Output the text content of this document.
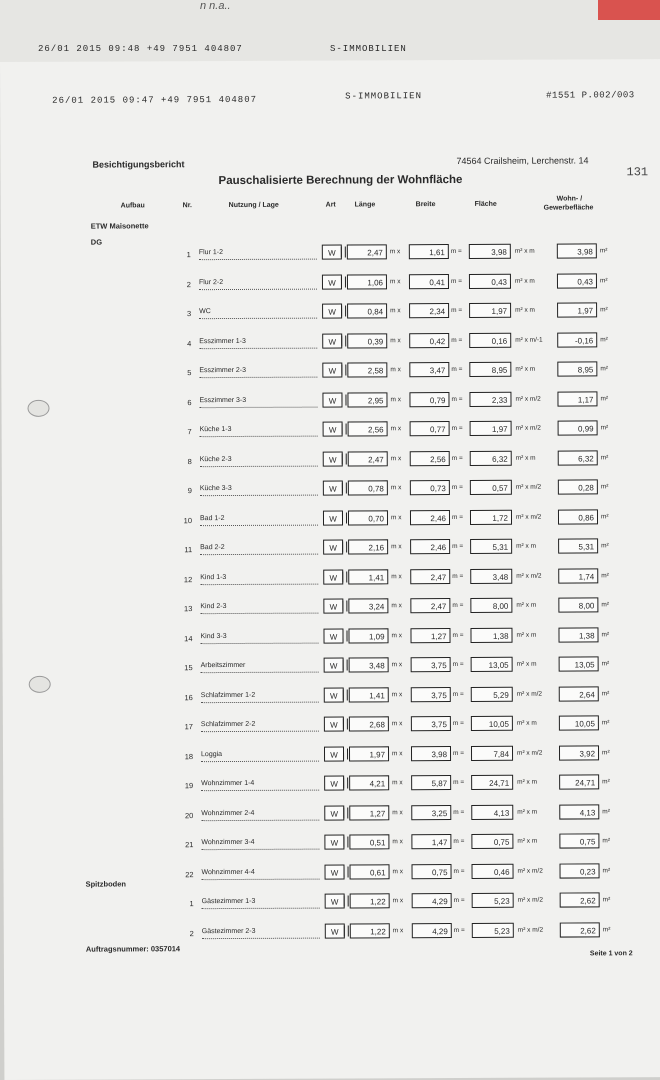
n n.a..
26/01 2015 09:48 +49 7951 404807	S-IMMOBILIEN
26/01 2015 09:47 +49 7951 404807	S-IMMOBILIEN	#1551 P.002/003
Besichtigungsbericht	74564 Crailsheim, Lerchenstr. 14
131
Pauschalisierte Berechnung der Wohnfläche
Aufbau	Nr.	Nutzung / Lage	Art	Länge	Breite	Fläche
Wohn- /
Gewerbefläche
ETW Maisonette
DG
Spitzboden
1 Flur 1-2	W	2,47	m x	1,61 m =	3,98	m² x m	3,98	m²
2 Flur 2-2	W	1,06	m x	0,41 m =	0,43	m² x m	0,43	m²
3 WC	W	0,84	m x	2,34 m =	1,97	m² x m	1,97	m²
4 Esszimmer 1-3	W	0,39	m x	0,42 m =	0,16	m² x m/-1	-0,16	m²
5 Esszimmer 2-3	W	2,58	m x	3,47 m =	8,95	m² x m	8,95	m²
6 Esszimmer 3-3	W	2,95	m x	0,79 m =	2,33	m² x m/2	1,17	m²
7 Küche 1-3	W	2,56	m x	0,77 m =	1,97	m² x m/2	0,99	m²
8 Küche 2-3	W	2,47	m x	2,56 m =	6,32	m² x m	6,32	m²
9 Küche 3-3	W	0,78	m x	0,73 m =	0,57	m² x m/2	0,28	m²
10 Bad 1-2	W	0,70	m x	2,46 m =	1,72	m² x m/2	0,86	m²
11 Bad 2-2	W	2,16	m x	2,46 m =	5,31	m² x m	5,31	m²
12 Kind 1-3	W	1,41	m x	2,47 m =	3,48	m² x m/2	1,74	m²
13 Kind 2-3	W	3,24	m x	2,47 m =	8,00	m² x m	8,00	m²
14 Kind 3-3	W	1,09	m x	1,27 m =	1,38	m² x m	1,38	m²
15 Arbeitszimmer	W	3,48	m x	3,75 m =	13,05	m² x m	13,05	m²
16 Schlafzimmer 1-2	W	1,41	m x	3,75 m =	5,29	m² x m/2	2,64	m²
17 Schlafzimmer 2-2	W	2,68	m x	3,75 m =	10,05	m² x m	10,05	m²
18 Loggia	W	1,97	m x	3,98 m =	7,84	m² x m/2	3,92	m²
19 Wohnzimmer 1-4	W	4,21	m x	5,87 m =	24,71	m² x m	24,71	m²
20 Wohnzimmer 2-4	W	1,27	m x	3,25 m =	4,13	m² x m	4,13	m²
21 Wohnzimmer 3-4	W	0,51	m x	1,47 m =	0,75	m² x m	0,75	m²
22 Wohnzimmer 4-4	W	0,61	m x	0,75 m =	0,46	m² x m/2	0,23	m²
1 Gästezimmer 1-3	W	1,22	m x	4,29 m =	5,23	m² x m/2	2,62	m²
2 Gästezimmer 2-3	W	1,22	m x	4,29 m =	5,23	m² x m/2	2,62	m²
Auftragsnummer: 0357014
Seite 1 von 2
